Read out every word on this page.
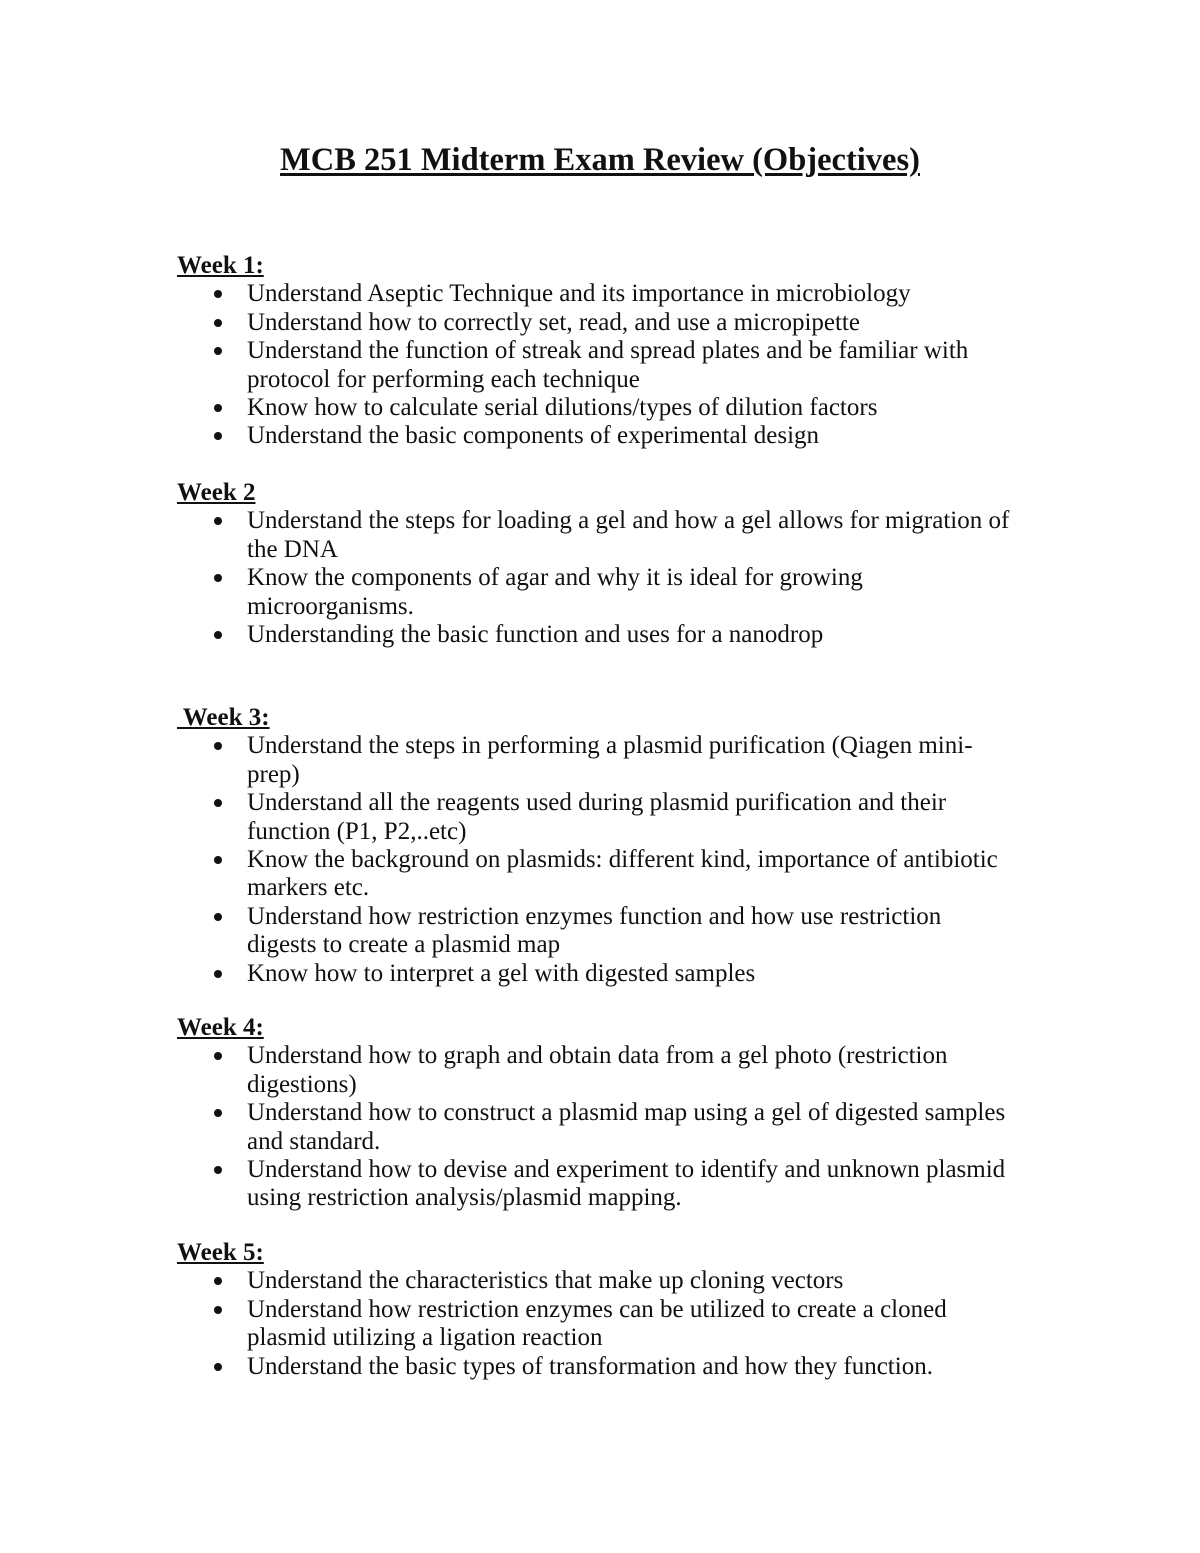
MCB 251 Midterm Exam Review (Objectives)
Week 1:
Understand Aseptic Technique and its importance in microbiology
Understand how to correctly set, read, and use a micropipette
Understand the function of streak and spread plates and be familiar with
protocol for performing each technique
Know how to calculate serial dilutions/types of dilution factors
Understand the basic components of experimental design
Week 2
Understand the steps for loading a gel and how a gel allows for migration of
the DNA
Know the components of agar and why it is ideal for growing
microorganisms.
Understanding the basic function and uses for a nanodrop
Week 3:
Understand the steps in performing a plasmid purification (Qiagen mini-
prep)
Understand all the reagents used during plasmid purification and their
function (P1, P2,..etc)
Know the background on plasmids: different kind, importance of antibiotic
markers etc.
Understand how restriction enzymes function and how use restriction
digests to create a plasmid map
Know how to interpret a gel with digested samples
Week 4:
Understand how to graph and obtain data from a gel photo (restriction
digestions)
Understand how to construct a plasmid map using a gel of digested samples
and standard.
Understand how to devise and experiment to identify and unknown plasmid
using restriction analysis/plasmid mapping.
Week 5:
Understand the characteristics that make up cloning vectors
Understand how restriction enzymes can be utilized to create a cloned
plasmid utilizing a ligation reaction
Understand the basic types of transformation and how they function.
